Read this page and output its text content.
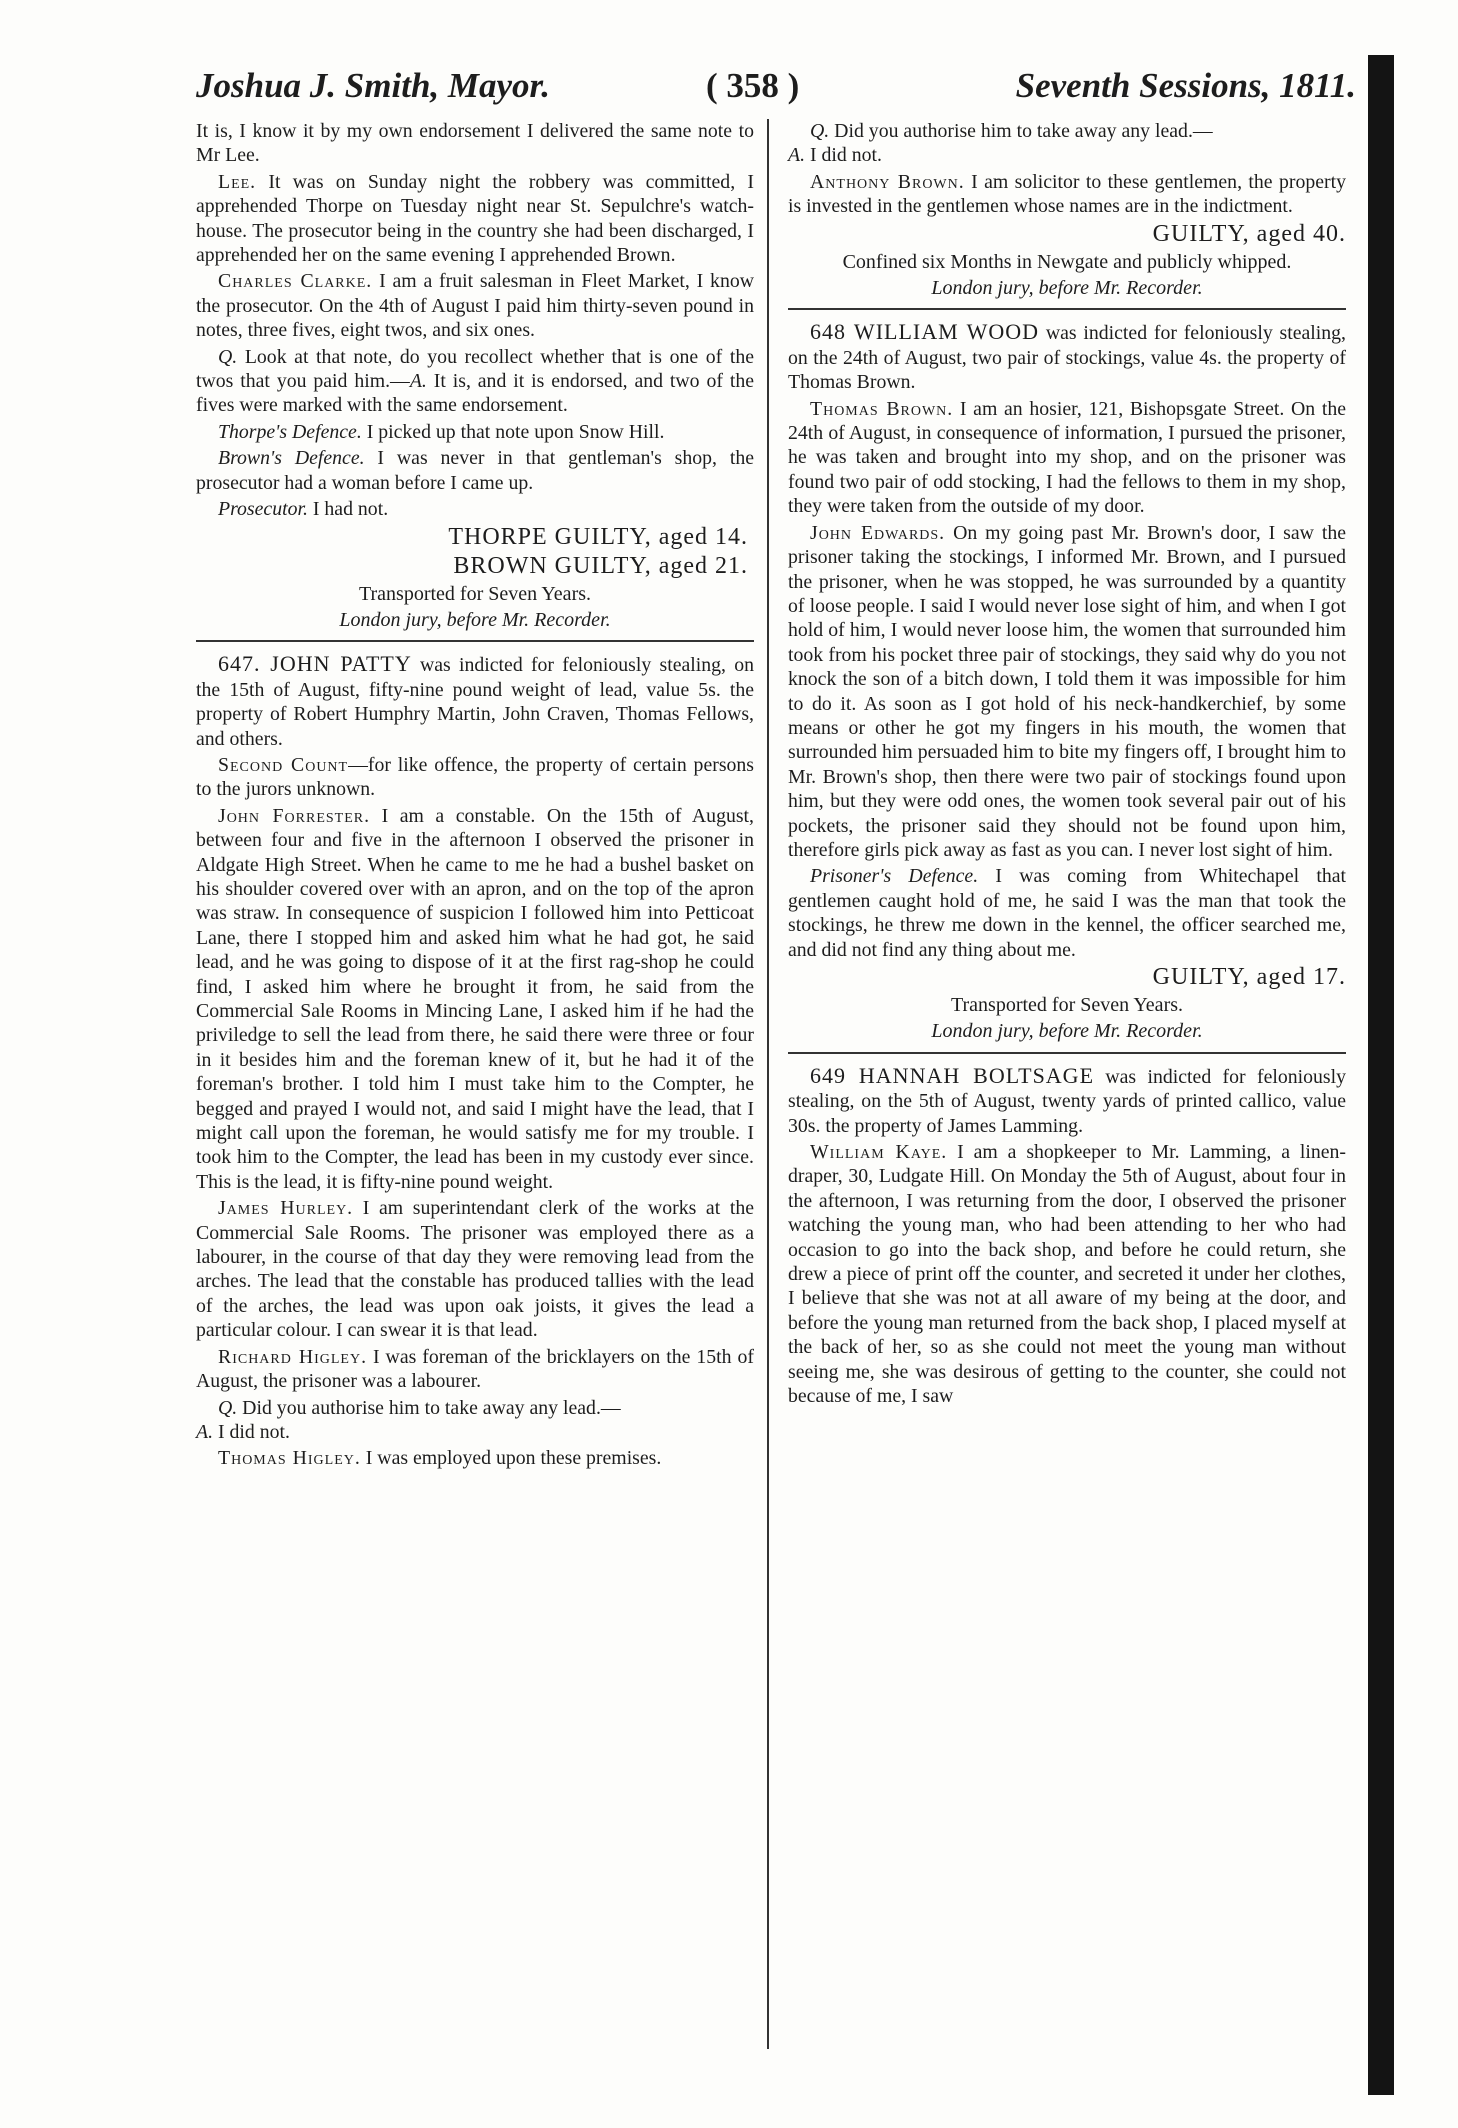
Joshua J. Smith, Mayor.	( 358 )	Seventh Sessions, 1811.

It is, I know it by my own endorsement I delivered the same note to Mr Lee.

Lee. It was on Sunday night the robbery was committed, I apprehended Thorpe on Tuesday night near St. Sepulchre's watch-house. The prosecutor being in the country she had been discharged, I apprehended her on the same evening I apprehended Brown.

Charles Clarke. I am a fruit salesman in Fleet Market, I know the prosecutor. On the 4th of August I paid him thirty-seven pound in notes, three fives, eight twos, and six ones.

Q. Look at that note, do you recollect whether that is one of the twos that you paid him.—A. It is, and it is endorsed, and two of the fives were marked with the same endorsement.

Thorpe's Defence. I picked up that note upon Snow Hill.

Brown's Defence. I was never in that gentleman's shop, the prosecutor had a woman before I came up.

Prosecutor. I had not.

THORPE GUILTY, aged 14.

BROWN GUILTY, aged 21.

Transported for Seven Years.

London jury, before Mr. Recorder.

647. JOHN PATTY was indicted for feloniously stealing, on the 15th of August, fifty-nine pound weight of lead, value 5s. the property of Robert Humphry Martin, John Craven, Thomas Fellows, and others.

Second Count—for like offence, the property of certain persons to the jurors unknown.

John Forrester. I am a constable. On the 15th of August, between four and five in the afternoon I observed the prisoner in Aldgate High Street. When he came to me he had a bushel basket on his shoulder covered over with an apron, and on the top of the apron was straw. In consequence of suspicion I followed him into Petticoat Lane, there I stopped him and asked him what he had got, he said lead, and he was going to dispose of it at the first rag-shop he could find, I asked him where he brought it from, he said from the Commercial Sale Rooms in Mincing Lane, I asked him if he had the priviledge to sell the lead from there, he said there were three or four in it besides him and the foreman knew of it, but he had it of the foreman's brother. I told him I must take him to the Compter, he begged and prayed I would not, and said I might have the lead, that I might call upon the foreman, he would satisfy me for my trouble. I took him to the Compter, the lead has been in my custody ever since. This is the lead, it is fifty-nine pound weight.

James Hurley. I am superintendant clerk of the works at the Commercial Sale Rooms. The prisoner was employed there as a labourer, in the course of that day they were removing lead from the arches. The lead that the constable has produced tallies with the lead of the arches, the lead was upon oak joists, it gives the lead a particular colour. I can swear it is that lead.

Richard Higley. I was foreman of the bricklayers on the 15th of August, the prisoner was a labourer.

Q. Did you authorise him to take away any lead.—
A. I did not.

Thomas Higley. I was employed upon these premises.

Q. Did you authorise him to take away any lead.—
A. I did not.

Anthony Brown. I am solicitor to these gentlemen, the property is invested in the gentlemen whose names are in the indictment.

GUILTY, aged 40.

Confined six Months in Newgate and publicly whipped.

London jury, before Mr. Recorder.

648 WILLIAM WOOD was indicted for feloniously stealing, on the 24th of August, two pair of stockings, value 4s. the property of Thomas Brown.

Thomas Brown. I am an hosier, 121, Bishopsgate Street. On the 24th of August, in consequence of information, I pursued the prisoner, he was taken and brought into my shop, and on the prisoner was found two pair of odd stocking, I had the fellows to them in my shop, they were taken from the outside of my door.

John Edwards. On my going past Mr. Brown's door, I saw the prisoner taking the stockings, I informed Mr. Brown, and I pursued the prisoner, when he was stopped, he was surrounded by a quantity of loose people. I said I would never lose sight of him, and when I got hold of him, I would never loose him, the women that surrounded him took from his pocket three pair of stockings, they said why do you not knock the son of a bitch down, I told them it was impossible for him to do it. As soon as I got hold of his neck-handkerchief, by some means or other he got my fingers in his mouth, the women that surrounded him persuaded him to bite my fingers off, I brought him to Mr. Brown's shop, then there were two pair of stockings found upon him, but they were odd ones, the women took several pair out of his pockets, the prisoner said they should not be found upon him, therefore girls pick away as fast as you can. I never lost sight of him.

Prisoner's Defence. I was coming from Whitechapel that gentlemen caught hold of me, he said I was the man that took the stockings, he threw me down in the kennel, the officer searched me, and did not find any thing about me.

GUILTY, aged 17.

Transported for Seven Years.

London jury, before Mr. Recorder.

649 HANNAH BOLTSAGE was indicted for feloniously stealing, on the 5th of August, twenty yards of printed callico, value 30s. the property of James Lamming.

William Kaye. I am a shopkeeper to Mr. Lamming, a linen-draper, 30, Ludgate Hill. On Monday the 5th of August, about four in the afternoon, I was returning from the door, I observed the prisoner watching the young man, who had been attending to her who had occasion to go into the back shop, and before he could return, she drew a piece of print off the counter, and secreted it under her clothes, I believe that she was not at all aware of my being at the door, and before the young man returned from the back shop, I placed myself at the back of her, so as she could not meet the young man without seeing me, she was desirous of getting to the counter, she could not because of me, I saw
